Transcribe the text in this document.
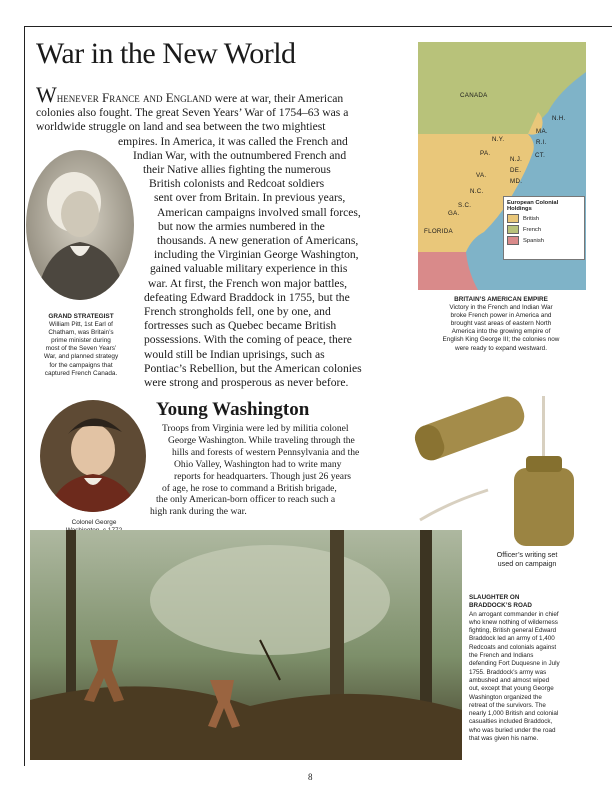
War in the New World

Whenever France and England were at war, their American

colonies also fought. The great Seven Years’ War of 1754–63 was a

worldwide struggle on land and sea between the two mightiest

empires. In America, it was called the French and

Indian War, with the outnumbered French and

their Native allies fighting the numerous

British colonists and Redcoat soldiers

sent over from Britain. In previous years,

American campaigns involved small forces,

but now the armies numbered in the

thousands. A new generation of Americans,

including the Virginian George Washington,

gained valuable military experience in this

war. At first, the French won major battles,

defeating Edward Braddock in 1755, but the

French strongholds fell, one by one, and

fortresses such as Quebec became British

possessions. With the coming of peace, there

would still be Indian uprisings, such as

Pontiac’s Rebellion, but the American colonies

were strong and prosperous as never before.

GRAND STRATEGIST
William Pitt, 1st Earl of
Chatham, was Britain’s
prime minister during
most of the Seven Years’
War, and planned strategy
for the campaigns that
captured French Canada.
CANADA
N.H.
MA.
R.I.
N.Y.
CT.
PA.
N.J.
DE.
MD.
VA.
N.C.
S.C.
GA.
FLORIDA
European Colonial
Holdings
British
French
Spanish
BRITAIN’S AMERICAN EMPIRE
Victory in the French and Indian War
broke French power in America and
brought vast areas of eastern North
America into the growing empire of
English King George III; the colonies now
were ready to expand westward.
Young Washington

Troops from Virginia were led by militia colonel

George Washington. While traveling through the

hills and forests of western Pennsylvania and the

Ohio Valley, Washington had to write many

reports for headquarters. Though just 26 years

of age, he rose to command a British brigade,

the only American-born officer to reach such a

high rank during the war.

Colonel George
Officer’s writing set
used on campaign
SLAUGHTER ON
BRADDOCK’S ROAD
An arrogant commander in chief
who knew nothing of wilderness
fighting, British general Edward
Braddock led an army of 1,400
Redcoats and colonials against
the French and Indians
defending Fort Duquesne in July
1755. Braddock’s army was
ambushed and almost wiped
out, except that young George
Washington organized the
retreat of the survivors. The
nearly 1,000 British and colonial
casualties included Braddock,
who was buried under the road
that was given his name.
8
